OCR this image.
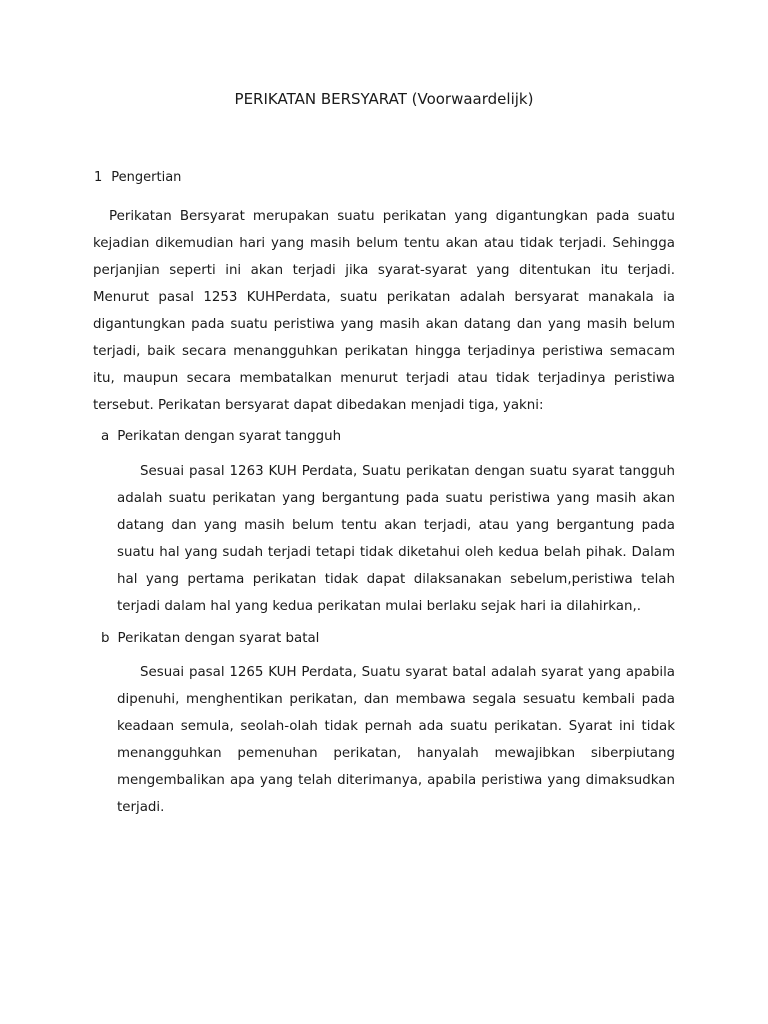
PERIKATAN BERSYARAT (Voorwaardelijk)
1 Pengertian
Perikatan Bersyarat merupakan suatu perikatan yang digantungkan pada suatu kejadian dikemudian hari yang masih belum tentu akan atau tidak terjadi. Sehingga perjanjian seperti ini akan terjadi jika syarat-syarat yang ditentukan itu terjadi. Menurut pasal 1253 KUHPerdata, suatu perikatan adalah bersyarat manakala ia digantungkan pada suatu peristiwa yang masih akan datang dan yang masih belum terjadi, baik secara menangguhkan perikatan hingga terjadinya peristiwa semacam itu, maupun secara membatalkan menurut terjadi atau tidak terjadinya peristiwa tersebut. Perikatan bersyarat dapat dibedakan menjadi tiga, yakni:
a Perikatan dengan syarat tangguh
Sesuai pasal 1263 KUH Perdata, Suatu perikatan dengan suatu syarat tangguh adalah suatu perikatan yang bergantung pada suatu peristiwa yang masih akan datang dan yang masih belum tentu akan terjadi, atau yang bergantung pada suatu hal yang sudah terjadi tetapi tidak diketahui oleh kedua belah pihak. Dalam hal yang pertama perikatan tidak dapat dilaksanakan sebelum,peristiwa telah terjadi dalam hal yang kedua perikatan mulai berlaku sejak hari ia dilahirkan,.
b Perikatan dengan syarat batal
Sesuai pasal 1265 KUH Perdata, Suatu syarat batal adalah syarat yang apabila dipenuhi, menghentikan perikatan, dan membawa segala sesuatu kembali pada keadaan semula, seolah-olah tidak pernah ada suatu perikatan. Syarat ini tidak menangguhkan pemenuhan perikatan, hanyalah mewajibkan siberpiutang mengembalikan apa yang telah diterimanya, apabila peristiwa yang dimaksudkan terjadi.
